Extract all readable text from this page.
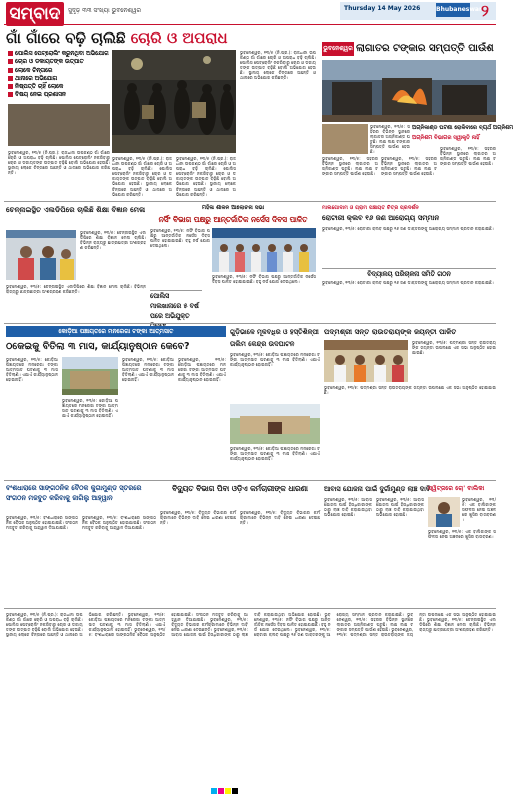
ସମ୍ବାଦ	ସୁଦୃଢ଼ ୩୩ ସଂଖ୍ୟା ଭୁବନେଶ୍ୱର	Thursday 14 May 2026	Bhubaneswar ୨
ଗାଁ ଗାଁରେ ବଢ଼ି ଚାଲିଛି ଚୋରି ଓ ଅପରାଧ
ପୋଲିସ ପେଟ୍ରୋଲିଂ କରୁନଥିବା ଅଭିଯୋଗ
ଚୋର ଓ ଡକାୟତଙ୍କ ଉତ୍ପାତ
ଲୋକେ ଚିନ୍ତାରେ
ଥାନାରେ ଅଭିଯୋଗ
ନିଷ୍ପତ୍ତି ଚାହିଁ ଲୋକେ
ବିଷୟ ନେଇ ପ୍ରଶାସନ
ଭୁବନେଶ୍ୱର, ୧୩/୫ (ନି.ପ୍ର.): ରାଜଧାନୀ ଉପକଣ୍ଠ ଗାଁ ଗାଁରେ ଚୋରି ଓ ଅପରାଧ ବଢ଼ି ଚାଲିଛି। ପୋଲିସ ପେଟ୍ରୋଲିଂ ନକରିବାରୁ ଚୋର ଓ ଡକାୟତଙ୍କ ଉତ୍ପାତ ବଢ଼ିଛି ବୋଲି ଅଭିଯୋଗ ହେଉଛି। ସ୍ଥାନୀୟ ଲୋକେ ଚିନ୍ତାରେ ଅଛନ୍ତି ଓ ଥାନାରେ ଅଭିଯୋଗ କରିଛନ୍ତି।
ଭୁବନେଶ୍ୱର, ୧୩/୫ (ନି.ପ୍ର.): ରାଜଧାନୀ ଉପକଣ୍ଠ ଗାଁ ଗାଁରେ ଚୋରି ଓ ଅପରାଧ ବଢ଼ି ଚାଲିଛି। ପୋଲିସ ପେଟ୍ରୋଲିଂ ନକରିବାରୁ ଚୋର ଓ ଡକାୟତଙ୍କ ଉତ୍ପାତ ବଢ଼ିଛି ବୋଲି ଅଭିଯୋଗ ହେଉଛି। ସ୍ଥାନୀୟ ଲୋକେ ଚିନ୍ତାରେ ଅଛନ୍ତି ଓ ଥାନାରେ ଅଭିଯୋଗ କରିଛନ୍ତି।
ଭୁବନେଶ୍ୱର, ୧୩/୫ (ନି.ପ୍ର.): ରାଜଧାନୀ ଉପକଣ୍ଠ ଗାଁ ଗାଁରେ ଚୋରି ଓ ଅପରାଧ ବଢ଼ି ଚାଲିଛି। ପୋଲିସ ପେଟ୍ରୋଲିଂ ନକରିବାରୁ ଚୋର ଓ ଡକାୟତଙ୍କ ଉତ୍ପାତ ବଢ଼ିଛି ବୋଲି ଅଭିଯୋଗ ହେଉଛି। ସ୍ଥାନୀୟ ଲୋକେ ଚିନ୍ତାରେ ଅଛନ୍ତି ଓ ଥାନାରେ ଅଭିଯୋଗ କରିଛନ୍ତି।
ଭୁବନେଶ୍ୱର, ୧୩/୫ (ନି.ପ୍ର.): ରାଜଧାନୀ ଉପକଣ୍ଠ ଗାଁ ଗାଁରେ ଚୋରି ଓ ଅପରାଧ ବଢ଼ି ଚାଲିଛି। ପୋଲିସ ପେଟ୍ରୋଲିଂ ନକରିବାରୁ ଚୋର ଓ ଡକାୟତଙ୍କ ଉତ୍ପାତ ବଢ଼ିଛି ବୋଲି ଅଭିଯୋଗ ହେଉଛି। ସ୍ଥାନୀୟ ଲୋକେ ଚିନ୍ତାରେ ଅଛନ୍ତି ଓ ଥାନାରେ ଅଭିଯୋଗ କରିଛନ୍ତି।
ଭୁବନେଶ୍ୱର ଲାଗାତର ଟଙ୍କାର ସମ୍ପତ୍ତି ପାଉଁଶ
ଭୁବନେଶ୍ୱର, ୧୩/୫: ସହରର ବିଭିନ୍ନ ସ୍ଥାନରେ ଲାଗାତର ଅଗ୍ନିକାଣ୍ଡ ଘଟୁଛି। ଲକ୍ଷ ଲକ୍ଷ ଟଙ୍କାର ସମ୍ପତ୍ତି ପାଉଁଶ ହେଉଛି।
ଅଗ୍ନିକାଣ୍ଡ ଘଟଣା ରୋକିବାରେ ବ୍ୟର୍ଥ ଅଗ୍ନିଶମ
ଅଗ୍ନିଶମ ବିଭାଗର ସ୍ୱୀକୃତି ନାହିଁ
ଭୁବନେଶ୍ୱର, ୧୩/୫: ସହରର ବିଭିନ୍ନ ସ୍ଥାନରେ ଲାଗାତର ଅଗ୍ନିକାଣ୍ଡ ଘଟୁଛି। ଲକ୍ଷ ଲକ୍ଷ ଟଙ୍କାର ସମ୍ପତ୍ତି ପାଉଁଶ ହେଉଛି।
ଭୁବନେଶ୍ୱର, ୧୩/୫: ସହରର ବିଭିନ୍ନ ସ୍ଥାନରେ ଲାଗାତର ଅଗ୍ନିକାଣ୍ଡ ଘଟୁଛି। ଲକ୍ଷ ଲକ୍ଷ ଟଙ୍କାର ସମ୍ପତ୍ତି ପାଉଁଶ ହେଉଛି।
ଭୁବନେଶ୍ୱର, ୧୩/୫: ସହରର ବିଭିନ୍ନ ସ୍ଥାନରେ ଲାଗାତର ଅଗ୍ନିକାଣ୍ଡ ଘଟୁଛି। ଲକ୍ଷ ଲକ୍ଷ ଟଙ୍କାର ସମ୍ପତ୍ତି ପାଉଁଶ ହେଉଛି।
ଚେନ୍ନାଇସ୍ଥିତ ଏଲଡିପିରେ ଚାଲିଛି ଶିକ୍ଷା ବିଜ୍ଞାନ ମେଳା
ଭୁବନେଶ୍ୱର, ୧୩/୫: ଚେନ୍ନାଇସ୍ଥିତ ଏଲଡିପିରେ ଶିକ୍ଷା ବିଜ୍ଞାନ ମେଳା ଚାଲିଛି। ବିଭିନ୍ନ ରାଜ୍ୟରୁ ଛାତ୍ରଛାତ୍ରୀ ଅଂଶଗ୍ରହଣ କରିଛନ୍ତି।
ଭୁବନେଶ୍ୱର, ୧୩/୫: ଚେନ୍ନାଇସ୍ଥିତ ଏଲଡିପିରେ ଶିକ୍ଷା ବିଜ୍ଞାନ ମେଳା ଚାଲିଛି। ବିଭିନ୍ନ ରାଜ୍ୟରୁ ଛାତ୍ରଛାତ୍ରୀ ଅଂଶଗ୍ରହଣ କରିଛନ୍ତି।
ମହିଳା ଶୀଳନ ଆଲୋଚନା ସଭା
ନର୍ସିଂ ବିଭାଗ ପକ୍ଷରୁ ଆନ୍ତର୍ଜାତିକ ନର୍ସେସ ଦିବସ ପାଳିତ
ଭୁବନେଶ୍ୱର, ୧୩/୫: ନର୍ସିଂ ବିଭାଗ ପକ୍ଷରୁ ଆନ୍ତର୍ଜାତିକ ନର୍ସେସ ଦିବସ ପାଳିତ ହୋଇଯାଇଛି। ବହୁ ନର୍ସ ଯୋଗ ଦେଇଥିଲେ।
ପୋଲିସ ମାଲଖାନାରେ ୫ ବର୍ଷ ପରେ ଅଭିଯୁକ୍ତ
ଭୁବନେଶ୍ୱର, ୧୩/୫: ନର୍ସିଂ ବିଭାଗ ପକ୍ଷରୁ ଆନ୍ତର୍ଜାତିକ ନର୍ସେସ ଦିବସ ପାଳିତ ହୋଇଯାଇଛି। ବହୁ ନର୍ସ ଯୋଗ ଦେଇଥିଲେ।
ମାଲଗୋଦାମ ଓ ଗ୍ରାମ ପଞ୍ଚାୟତ ଚିତ୍ର ପ୍ରଦର୍ଶନ
ରୋଟାରୀ କ୍ଲବ ୧୬ ଜଣ ଆରୋଗ୍ୟ ସମ୍ମାନ
ଭୁବନେଶ୍ୱର, ୧୩/୫: ରୋଟାରୀ କ୍ଲବ ପକ୍ଷରୁ ୧୬ ଜଣ ଡାକ୍ତରଙ୍କୁ ଆରୋଗ୍ୟ ସମ୍ମାନ ପ୍ରଦାନ କରାଯାଇଛି।
ବିଦ୍ୟାଳୟ ପରିଚାଳନା ସମିତି ଗଠନ
ଭୁବନେଶ୍ୱର, ୧୩/୫: ରୋଟାରୀ କ୍ଲବ ପକ୍ଷରୁ ୧୬ ଜଣ ଡାକ୍ତରଙ୍କୁ ଆରୋଗ୍ୟ ସମ୍ମାନ ପ୍ରଦାନ କରାଯାଇଛି।
କୋଡ଼ିଆ ପଞ୍ଚାୟତରେ ମନରେଗା ଟଙ୍କା ଆତ୍ମସାତ
ଠକେଇକୁ ବିତିଲା ୩ ମାସ, କାର୍ଯ୍ୟାନୁଷ୍ଠାନ କେବେ?
ଭୁବନେଶ୍ୱର, ୧୩/୫: କୋଡ଼ିଆ ପଞ୍ଚାୟତରେ ମନରେଗା ଟଙ୍କା ଆତ୍ମସାତ ଘଟଣାକୁ ୩ ମାସ ବିତିଲାଣି। ଏଯାଏଁ କାର୍ଯ୍ୟାନୁଷ୍ଠାନ ହୋଇନାହିଁ।
ଭୁବନେଶ୍ୱର, ୧୩/୫: କୋଡ଼ିଆ ପଞ୍ଚାୟତରେ ମନରେଗା ଟଙ୍କା ଆତ୍ମସାତ ଘଟଣାକୁ ୩ ମାସ ବିତିଲାଣି। ଏଯାଏଁ କାର୍ଯ୍ୟାନୁଷ୍ଠାନ ହୋଇନାହିଁ।
ଭୁବନେଶ୍ୱର, ୧୩/୫: କୋଡ଼ିଆ ପଞ୍ଚାୟତରେ ମନରେଗା ଟଙ୍କା ଆତ୍ମସାତ ଘଟଣାକୁ ୩ ମାସ ବିତିଲାଣି। ଏଯାଏଁ କାର୍ଯ୍ୟାନୁଷ୍ଠାନ ହୋଇନାହିଁ।
ଭୁବନେଶ୍ୱର, ୧୩/୫: କୋଡ଼ିଆ ପଞ୍ଚାୟତରେ ମନରେଗା ଟଙ୍କା ଆତ୍ମସାତ ଘଟଣାକୁ ୩ ମାସ ବିତିଲାଣି। ଏଯାଏଁ କାର୍ଯ୍ୟାନୁଷ୍ଠାନ ହୋଇନାହିଁ।
ଗୁଡ଼ିଭାଳେ ମୂକବଧିର ଓ ହସ୍ତିଶିଳ୍ପୀ ତାଲିମ କେନ୍ଦ୍ର ଉଦଘାଟନ
ଭୁବନେଶ୍ୱର, ୧୩/୫: କୋଡ଼ିଆ ପଞ୍ଚାୟତରେ ମନରେଗା ଟଙ୍କା ଆତ୍ମସାତ ଘଟଣାକୁ ୩ ମାସ ବିତିଲାଣି। ଏଯାଏଁ କାର୍ଯ୍ୟାନୁଷ୍ଠାନ ହୋଇନାହିଁ।
ଭୁବନେଶ୍ୱର, ୧୩/୫: କୋଡ଼ିଆ ପଞ୍ଚାୟତରେ ମନରେଗା ଟଙ୍କା ଆତ୍ମସାତ ଘଟଣାକୁ ୩ ମାସ ବିତିଲାଣି। ଏଯାଏଁ କାର୍ଯ୍ୟାନୁଷ୍ଠାନ ହୋଇନାହିଁ।
ପଦ୍ମଶ୍ରୀ ସନ୍ତ ରାଉତରାୟଙ୍କ ଜୟନ୍ତୀ ପାଳିତ
ଭୁବନେଶ୍ୱର, ୧୩/୫: ପଦ୍ମଶ୍ରୀ ସନ୍ତ ରାଉତରାୟଙ୍କ ଜୟନ୍ତୀ ଉପଲକ୍ଷେ ଏକ ସଭା ଅନୁଷ୍ଠିତ ହୋଇଯାଇଛି।
ଭୁବନେଶ୍ୱର, ୧୩/୫: ପଦ୍ମଶ୍ରୀ ସନ୍ତ ରାଉତରାୟଙ୍କ ଜୟନ୍ତୀ ଉପଲକ୍ଷେ ଏକ ସଭା ଅନୁଷ୍ଠିତ ହୋଇଯାଇଛି।
ବଂଶଧାରାରେ ସାଙ୍ଗଠନିକ ବୈଠକ କୁଗାମୁଣ୍ଡ ସ୍ତରରେ ସଂଗଠନ ମଜବୁତ କରିବାକୁ ଜାଗିଲୁ ଆହ୍ୱାନ
ଭୁବନେଶ୍ୱର, ୧୩/୫: ବଂଶଧାରାରେ ସାଙ୍ଗଠନିକ ବୈଠକ ଅନୁଷ୍ଠିତ ହୋଇଯାଇଛି। ସଂଗଠନ ମଜବୁତ କରିବାକୁ ଆହ୍ୱାନ ଦିଆଯାଇଛି।
ଭୁବନେଶ୍ୱର, ୧୩/୫: ବଂଶଧାରାରେ ସାଙ୍ଗଠନିକ ବୈଠକ ଅନୁଷ୍ଠିତ ହୋଇଯାଇଛି। ସଂଗଠନ ମଜବୁତ କରିବାକୁ ଆହ୍ୱାନ ଦିଆଯାଇଛି।
ବିଦ୍ୟୁତ ବିଭାଗ ପିବା ଓଡ଼ିଏ କର୍ମଚାରୀଙ୍କ ଧାରଣା
ଭୁବନେଶ୍ୱର, ୧୩/୫: ବିଦ୍ୟୁତ ବିଭାଗର କର୍ମଚାରୀମାନେ ବିଭିନ୍ନ ଦାବି ନେଇ ଧାରଣା ଦେଇଛନ୍ତି।
ଭୁବନେଶ୍ୱର, ୧୩/୫: ବିଦ୍ୟୁତ ବିଭାଗର କର୍ମଚାରୀମାନେ ବିଭିନ୍ନ ଦାବି ନେଇ ଧାରଣା ଦେଇଛନ୍ତି।
ଆବାସ ଯୋଜନା ପାଇଁ ଦୁର୍ଗାମୁଣ୍ଡ ଲାଞ୍ଚ ଦାବି
ଭୁବନେଶ୍ୱର, ୧୩/୫: ଆବାସ ଯୋଜନା ପାଇଁ ହିତାଧିକାରୀଙ୍କ ଠାରୁ ଲାଞ୍ଚ ଦାବି କରାଯାଉଥିବା ଅଭିଯୋଗ ହୋଇଛି।
ଭୁବନେଶ୍ୱର, ୧୩/୫: ଆବାସ ଯୋଜନା ପାଇଁ ହିତାଧିକାରୀଙ୍କ ଠାରୁ ଲାଞ୍ଚ ଦାବି କରାଯାଉଥିବା ଅଭିଯୋଗ ହୋଇଛି।
ସ୍ୱିଟ୍‌ଜରେ ଚୋ' ବାଲିକା
ଭୁବନେଶ୍ୱର, ୧୩/୫: ଏକ ବାଲିକାଙ୍କ ସଫଳତା ନେଇ ଅଞ୍ଚଳରେ ଖୁସିର ବାତାବରଣ।
ଭୁବନେଶ୍ୱର, ୧୩/୫: ଏକ ବାଲିକାଙ୍କ ସଫଳତା ନେଇ ଅଞ୍ଚଳରେ ଖୁସିର ବାତାବରଣ।
ଭୁବନେଶ୍ୱର, ୧୩/୫ (ନି.ପ୍ର.): ରାଜଧାନୀ ଉପକଣ୍ଠ ଗାଁ ଗାଁରେ ଚୋରି ଓ ଅପରାଧ ବଢ଼ି ଚାଲିଛି। ପୋଲିସ ପେଟ୍ରୋଲିଂ ନକରିବାରୁ ଚୋର ଓ ଡକାୟତଙ୍କ ଉତ୍ପାତ ବଢ଼ିଛି ବୋଲି ଅଭିଯୋଗ ହେଉଛି। ସ୍ଥାନୀୟ ଲୋକେ ଚିନ୍ତାରେ ଅଛନ୍ତି ଓ ଥାନାରେ ଅଭିଯୋଗ କରିଛନ୍ତି। ଭୁବନେଶ୍ୱର, ୧୩/୫: କୋଡ଼ିଆ ପଞ୍ଚାୟତରେ ମନରେଗା ଟଙ୍କା ଆତ୍ମସାତ ଘଟଣାକୁ ୩ ମାସ ବିତିଲାଣି। ଏଯାଏଁ କାର୍ଯ୍ୟାନୁଷ୍ଠାନ ହୋଇନାହିଁ। ଭୁବନେଶ୍ୱର, ୧୩/୫: ବଂଶଧାରାରେ ସାଙ୍ଗଠନିକ ବୈଠକ ଅନୁଷ୍ଠିତ ହୋଇଯାଇଛି। ସଂଗଠନ ମଜବୁତ କରିବାକୁ ଆହ୍ୱାନ ଦିଆଯାଇଛି। ଭୁବନେଶ୍ୱର, ୧୩/୫: ବିଦ୍ୟୁତ ବିଭାଗର କର୍ମଚାରୀମାନେ ବିଭିନ୍ନ ଦାବି ନେଇ ଧାରଣା ଦେଇଛନ୍ତି। ଭୁବନେଶ୍ୱର, ୧୩/୫: ଆବାସ ଯୋଜନା ପାଇଁ ହିତାଧିକାରୀଙ୍କ ଠାରୁ ଲାଞ୍ଚ ଦାବି କରାଯାଉଥିବା ଅଭିଯୋଗ ହୋଇଛି। ଭୁବନେଶ୍ୱର, ୧୩/୫: ନର୍ସିଂ ବିଭାଗ ପକ୍ଷରୁ ଆନ୍ତର୍ଜାତିକ ନର୍ସେସ ଦିବସ ପାଳିତ ହୋଇଯାଇଛି। ବହୁ ନର୍ସ ଯୋଗ ଦେଇଥିଲେ। ଭୁବନେଶ୍ୱର, ୧୩/୫: ରୋଟାରୀ କ୍ଲବ ପକ୍ଷରୁ ୧୬ ଜଣ ଡାକ୍ତରଙ୍କୁ ଆରୋଗ୍ୟ ସମ୍ମାନ ପ୍ରଦାନ କରାଯାଇଛି। ଭୁବନେଶ୍ୱର, ୧୩/୫: ସହରର ବିଭିନ୍ନ ସ୍ଥାନରେ ଲାଗାତର ଅଗ୍ନିକାଣ୍ଡ ଘଟୁଛି। ଲକ୍ଷ ଲକ୍ଷ ଟଙ୍କାର ସମ୍ପତ୍ତି ପାଉଁଶ ହେଉଛି। ଭୁବନେଶ୍ୱର, ୧୩/୫: ପଦ୍ମଶ୍ରୀ ସନ୍ତ ରାଉତରାୟଙ୍କ ଜୟନ୍ତୀ ଉପଲକ୍ଷେ ଏକ ସଭା ଅନୁଷ୍ଠିତ ହୋଇଯାଇଛି। ଭୁବନେଶ୍ୱର, ୧୩/୫: ଚେନ୍ନାଇସ୍ଥିତ ଏଲଡିପିରେ ଶିକ୍ଷା ବିଜ୍ଞାନ ମେଳା ଚାଲିଛି। ବିଭିନ୍ନ ରାଜ୍ୟରୁ ଛାତ୍ରଛାତ୍ରୀ ଅଂଶଗ୍ରହଣ କରିଛନ୍ତି।
